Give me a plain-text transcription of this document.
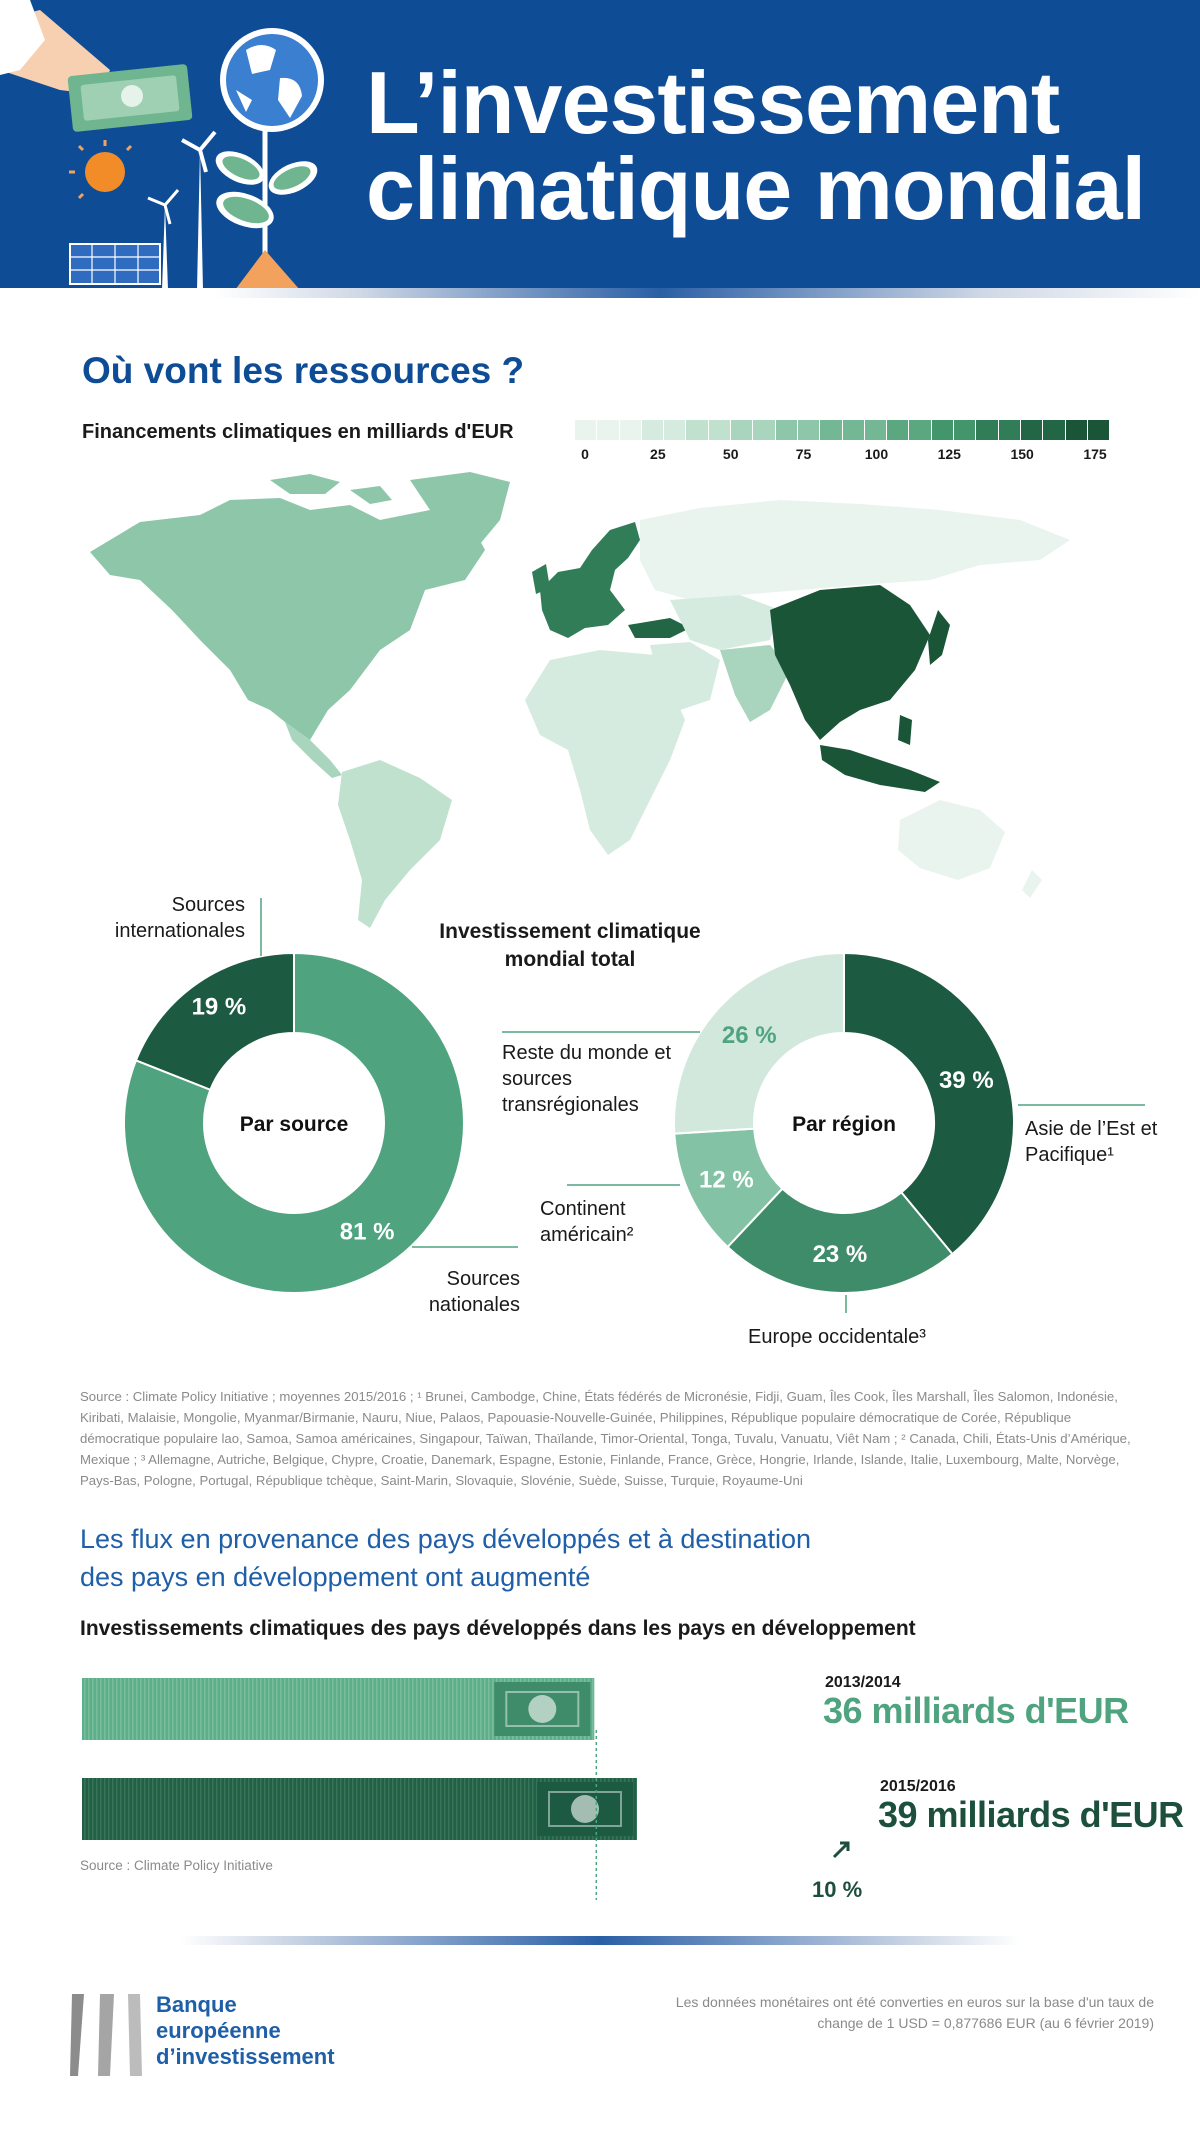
L’investissement
climatique mondial
Où vont les ressources ?
Financements climatiques en milliards d'EUR
0	25	50	75	100	125	150	175
19 %
81 %
Par source
39 %
23 %
12 %
26 %
Par région
Investissement climatique mondial total
Sources internationales
Sources nationales
Reste du monde et sources transrégionales
Continent américain²
Europe occidentale³
Asie de l’Est et Pacifique¹
Source : Climate Policy Initiative ; moyennes 2015/2016 ; ¹ Brunei, Cambodge, Chine, États fédérés de Micronésie, Fidji, Guam, Îles Cook, Îles Marshall, Îles Salomon, Indonésie, Kiribati, Malaisie, Mongolie, Myanmar/Birmanie, Nauru, Niue, Palaos, Papouasie-Nouvelle-Guinée, Philippines, République populaire démocratique de Corée, République démocratique populaire lao, Samoa, Samoa américaines, Singapour, Taïwan, Thaïlande, Timor-Oriental, Tonga, Tuvalu, Vanuatu, Viêt Nam ; ² Canada, Chili, États-Unis d’Amérique, Mexique ; ³ Allemagne, Autriche, Belgique, Chypre, Croatie, Danemark, Espagne, Estonie, Finlande, France, Grèce, Hongrie, Irlande, Islande, Italie, Luxembourg, Malte, Norvège, Pays-Bas, Pologne, Portugal, République tchèque, Saint-Marin, Slovaquie, Slovénie, Suède, Suisse, Turquie, Royaume-Uni
Les flux en provenance des pays développés et à destination
des pays en développement ont augmenté
Investissements climatiques des pays développés dans les pays en développement
2013/2014
36 milliards d'EUR
2015/2016
39 milliards d'EUR
10 %
Source : Climate Policy Initiative
Banque
européenne
d’investissement
Les données monétaires ont été converties en euros sur la base d'un taux de
change de 1 USD = 0,877686 EUR (au 6 février 2019)
